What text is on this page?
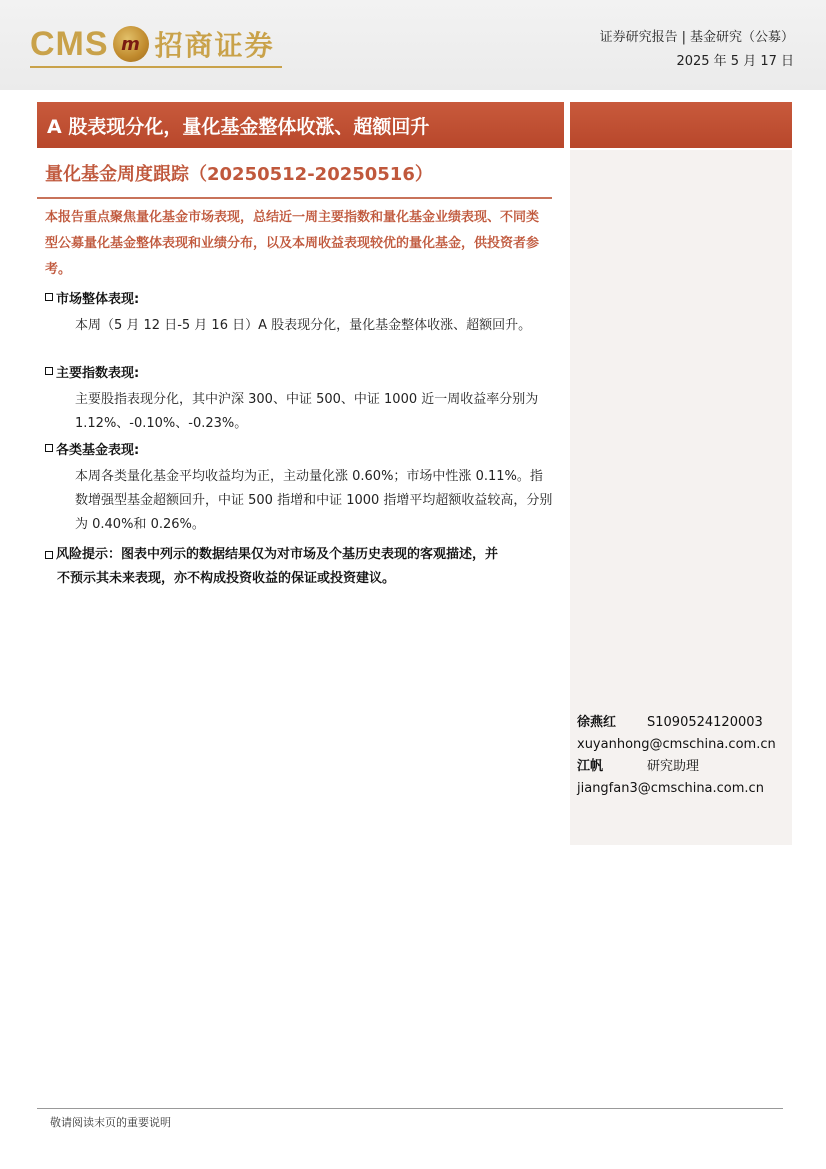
CMS m 招商证券	证券研究报告 | 基金研究（公募）
2025 年 5 月 17 日
A 股表现分化，量化基金整体收涨、超额回升
量化基金周度跟踪（20250512-20250516）
本报告重点聚焦量化基金市场表现，总结近一周主要指数和量化基金业绩表现、不同类型公募量化基金整体表现和业绩分布，以及本周收益表现较优的量化基金，供投资者参考。
市场整体表现:
本周（5 月 12 日-5 月 16 日）A 股表现分化，量化基金整体收涨、超额回升。
主要指数表现:
主要股指表现分化，其中沪深 300、中证 500、中证 1000 近一周收益率分别为 1.12%、-0.10%、-0.23%。
各类基金表现:
本周各类量化基金平均收益均为正，主动量化涨 0.60%；市场中性涨 0.11%。指数增强型基金超额回升，中证 500 指增和中证 1000 指增平均超额收益较高，分别为 0.40%和 0.26%。
风险提示：图表中列示的数据结果仅为对市场及个基历史表现的客观描述，并
不预示其未来表现，亦不构成投资收益的保证或投资建议。
徐燕红 S1090524120003
xuyanhong@cmschina.com.cn
江帆	研究助理
jiangfan3@cmschina.com.cn
敬请阅读末页的重要说明
